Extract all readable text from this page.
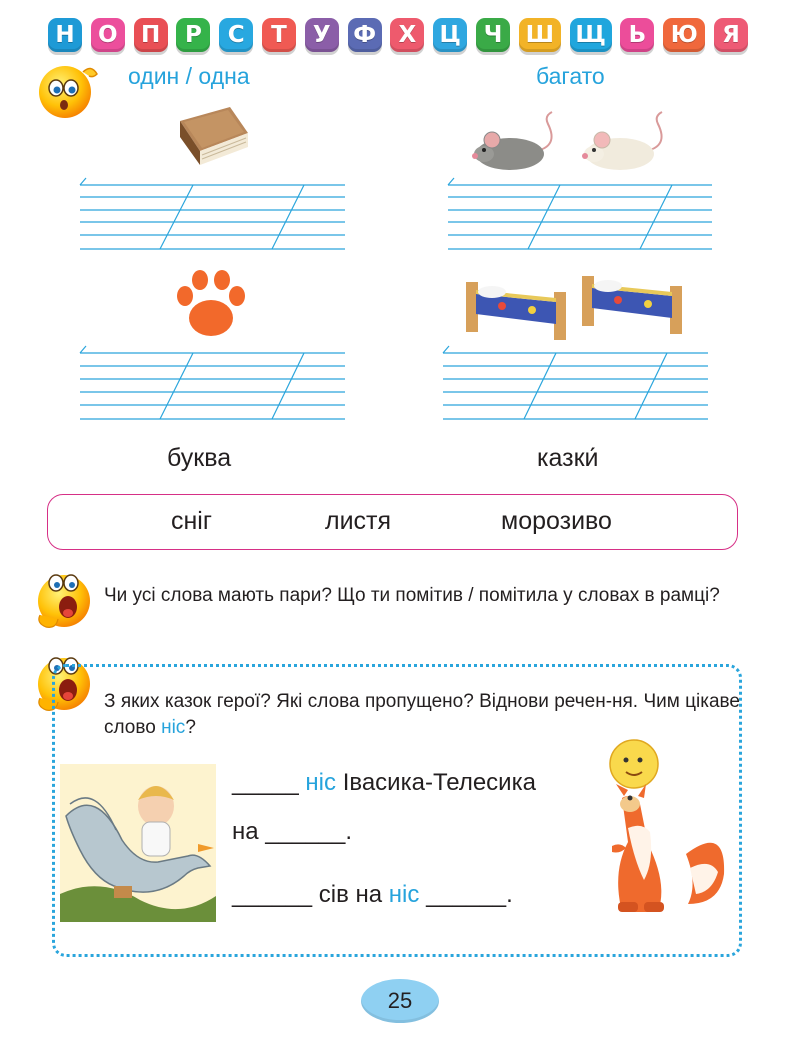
Н	О	П	Р	С	Т	У Ф Х	Ц Ч	Ш Щ Ь	Ю	Я
один / одна	багато
буква	казки́
сніг	листя	морозиво
Чи усі слова мають пари? Що ти помітив / помітила у словах в рамці?
З яких казок герої? Які слова пропущено? Віднови речен-ня. Чим цікаве слово ніс?
_____ ніс Івасика-Телесика
на ______.
______ сів на ніс ______.
25
